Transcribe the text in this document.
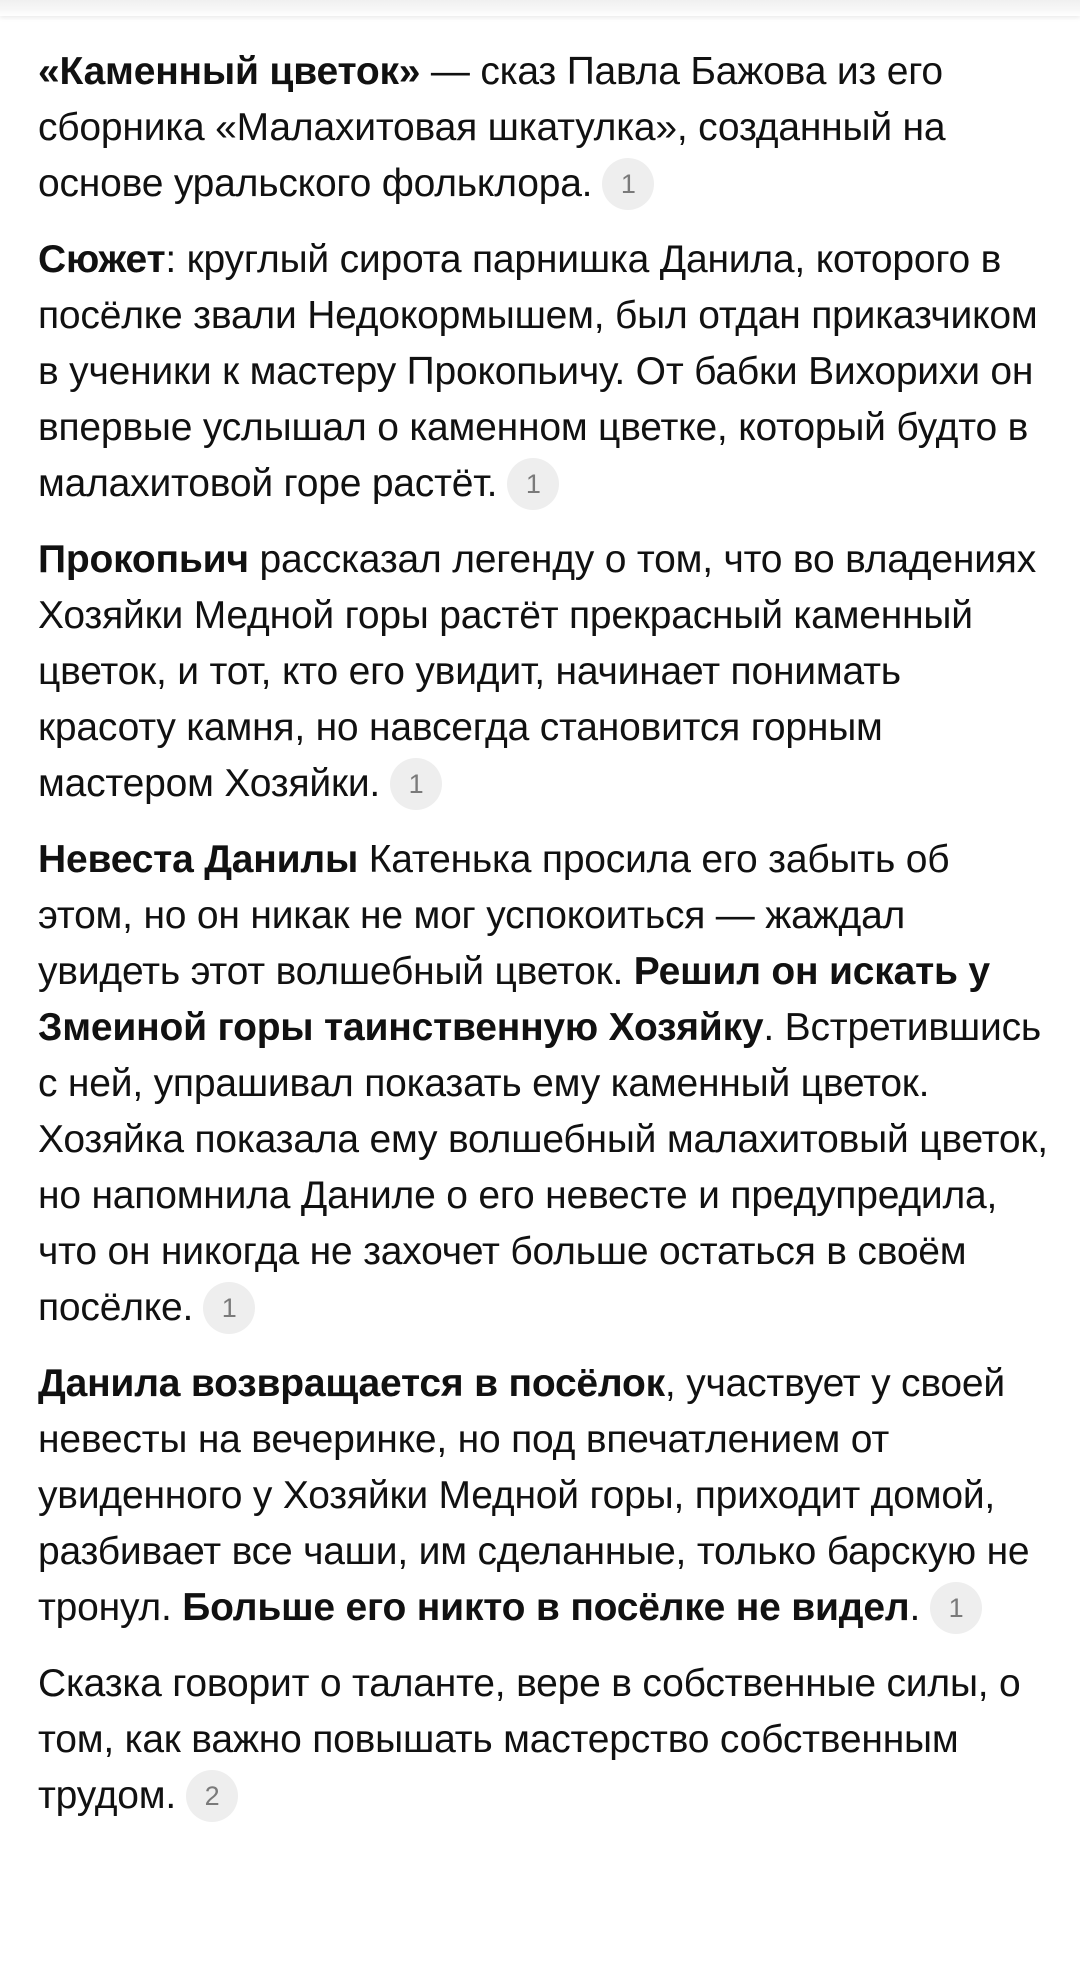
«Каменный цветок» — сказ Павла Бажова из его сборника «Малахитовая шкатулка», созданный на основе уральского фольклора. 1

Сюжет: круглый сирота парнишка Данила, которого в посёлке звали Недокормышем, был отдан приказчиком в ученики к мастеру Прокопьичу. От бабки Вихорихи он впервые услышал о каменном цветке, который будто в малахитовой горе растёт. 1

Прокопьич рассказал легенду о том, что во владениях Хозяйки Медной горы растёт прекрасный каменный цветок, и тот, кто его увидит, начинает понимать красоту камня, но навсегда становится горным мастером Хозяйки. 1

Невеста Данилы Катенька просила его забыть об этом, но он никак не мог успокоиться — жаждал увидеть этот волшебный цветок. Решил он искать у Змеиной горы таинственную Хозяйку. Встретившись с ней, упрашивал показать ему каменный цветок. Хозяйка показала ему волшебный малахитовый цветок, но напомнила Даниле о его невесте и предупредила, что он никогда не захочет больше остаться в своём посёлке. 1

Данила возвращается в посёлок, участвует у своей невесты на вечеринке, но под впечатлением от увиденного у Хозяйки Медной горы, приходит домой, разбивает все чаши, им сделанные, только барскую не тронул. Больше его никто в посёлке не видел. 1

Сказка говорит о таланте, вере в собственные силы, о том, как важно повышать мастерство собственным трудом. 2
